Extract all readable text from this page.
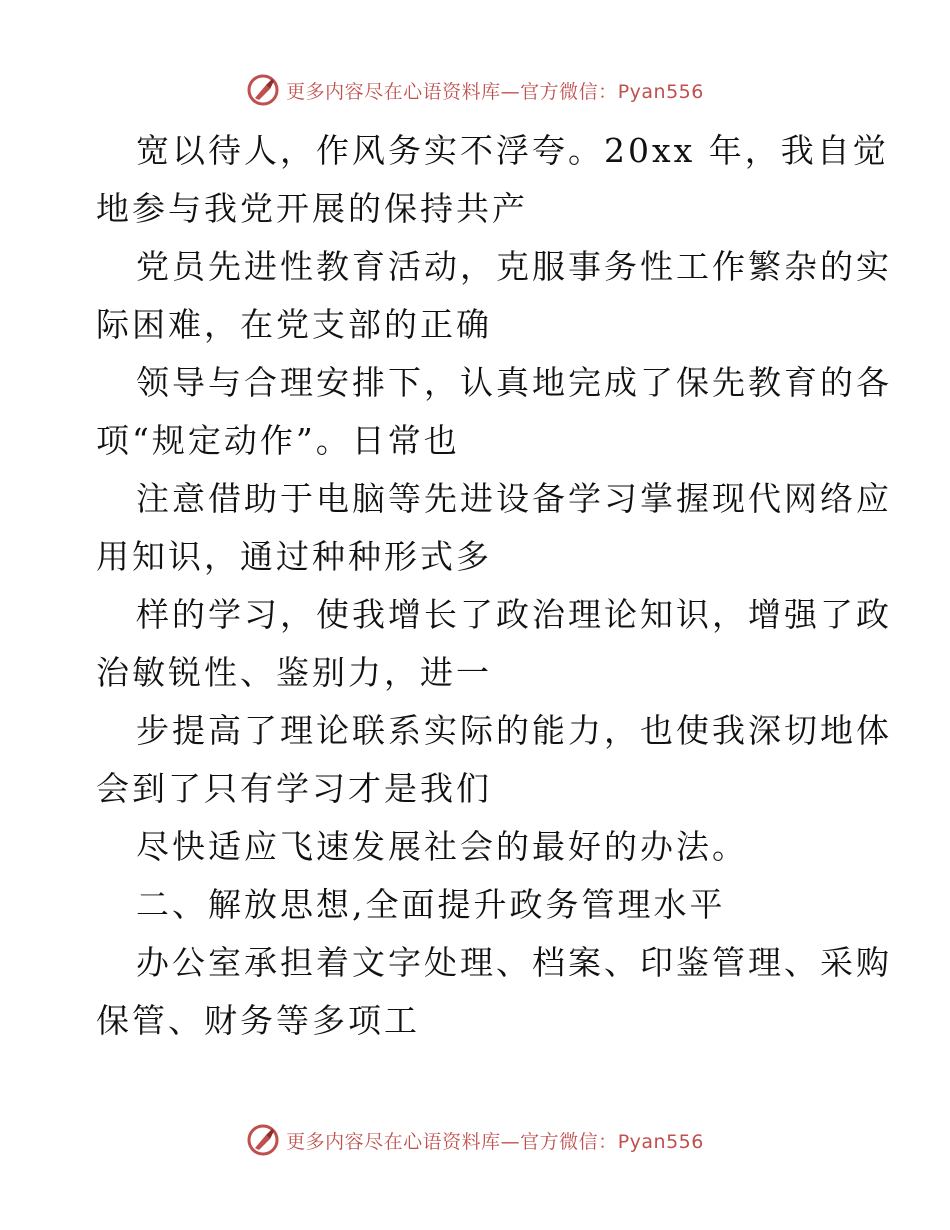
更多内容尽在心语资料库—官方微信：Pyan556
宽以待人，作风务实不浮夸。20xx 年，我自觉
地参与我党开展的保持共产
党员先进性教育活动，克服事务性工作繁杂的实
际困难，在党支部的正确
领导与合理安排下，认真地完成了保先教育的各
项“规定动作”。日常也
注意借助于电脑等先进设备学习掌握现代网络应
用知识，通过种种形式多
样的学习，使我增长了政治理论知识，增强了政
治敏锐性、鉴别力，进一
步提高了理论联系实际的能力，也使我深切地体
会到了只有学习才是我们
尽快适应飞速发展社会的最好的办法。
二、解放思想,全面提升政务管理水平
办公室承担着文字处理、档案、印鉴管理、采购
保管、财务等多项工
更多内容尽在心语资料库—官方微信：Pyan556
